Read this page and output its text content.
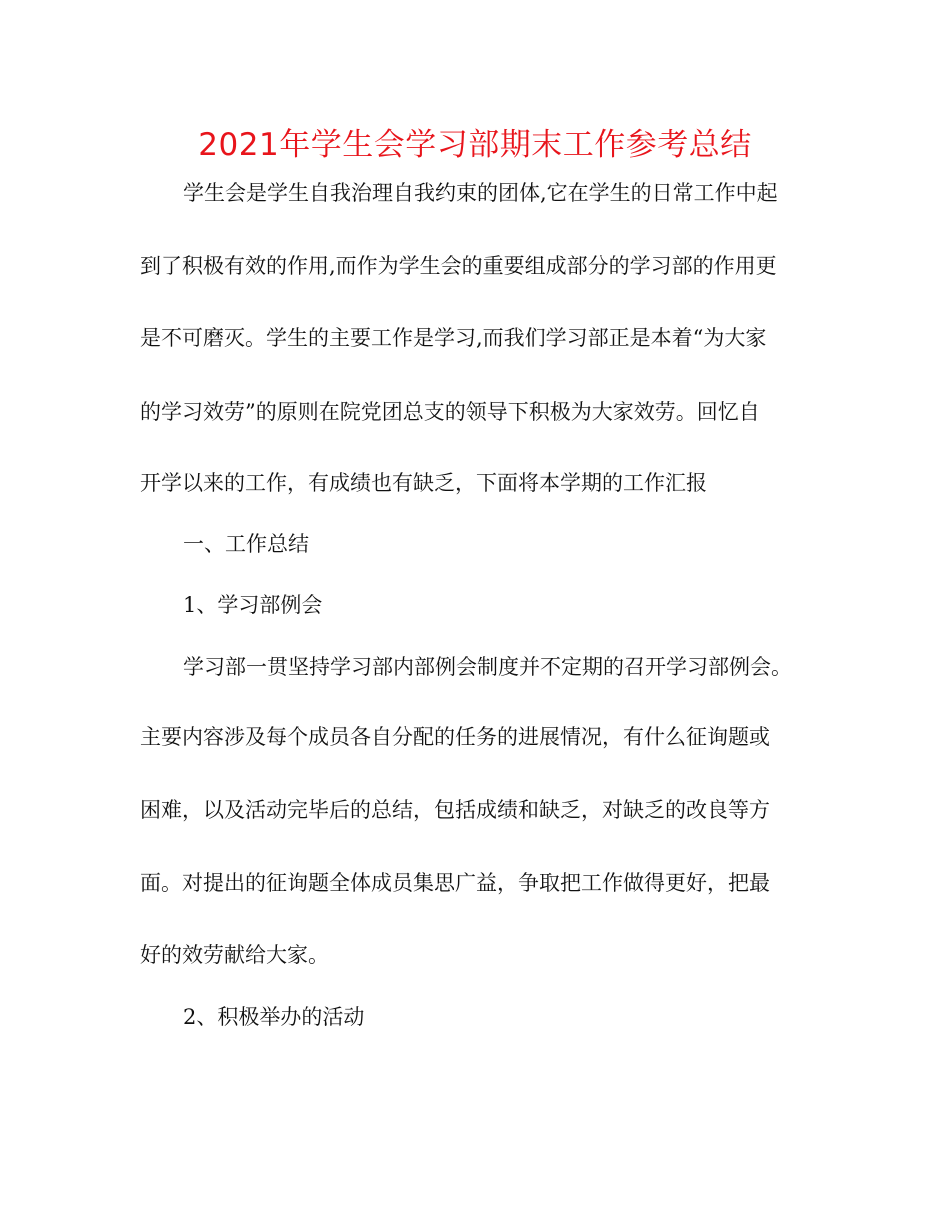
2021年学生会学习部期末工作参考总结
学生会是学生自我治理自我约束的团体,它在学生的日常工作中起
到了积极有效的作用,而作为学生会的重要组成部分的学习部的作用更
是不可磨灭。学生的主要工作是学习,而我们学习部正是本着“为大家
的学习效劳”的原则在院党团总支的领导下积极为大家效劳。回忆自
开学以来的工作，有成绩也有缺乏，下面将本学期的工作汇报
一、工作总结
1、学习部例会
学习部一贯坚持学习部内部例会制度并不定期的召开学习部例会。
主要内容涉及每个成员各自分配的任务的进展情况，有什么征询题或
困难，以及活动完毕后的总结，包括成绩和缺乏，对缺乏的改良等方
面。对提出的征询题全体成员集思广益，争取把工作做得更好，把最
好的效劳献给大家。
2、积极举办的活动
